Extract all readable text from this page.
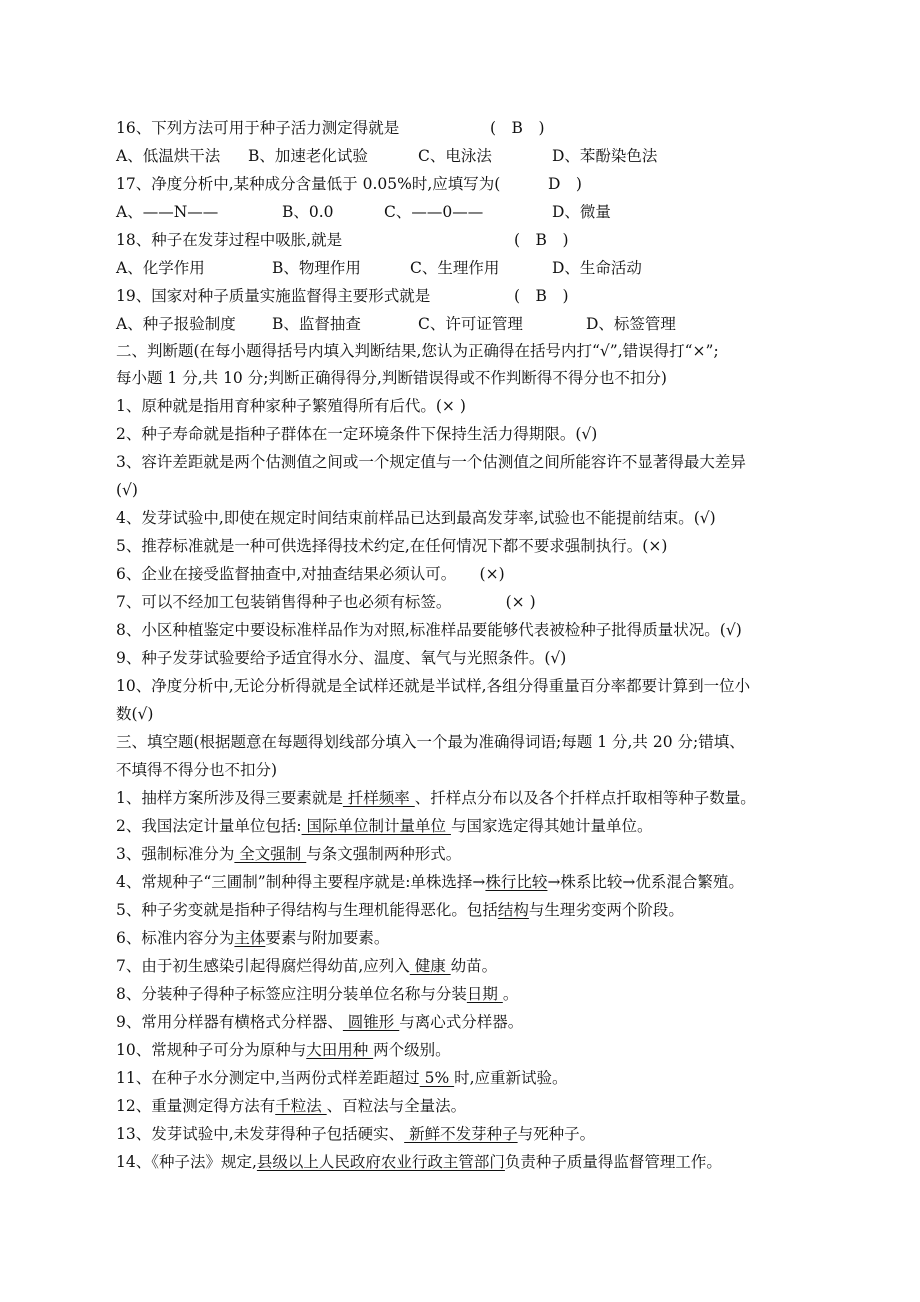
16、下列方法可用于种子活力测定得就是	(　B　)
A、低温烘干法 B、加速老化试验	C、电泳法	D、苯酚染色法
17、净度分析中,某种成分含量低于 0.05%时,应填写为(	D　)
A、——N——	B、0.0	C、——0——	D、微量
18、种子在发芽过程中吸胀,就是	(　B　)
A、化学作用	B、物理作用	C、生理作用	D、生命活动
19、国家对种子质量实施监督得主要形式就是	(　B　)
A、种子报验制度 B、监督抽查	C、许可证管理	D、标签管理
二、判断题(在每小题得括号内填入判断结果,您认为正确得在括号内打“√”,错误得打“×”;
每小题 1 分,共 10 分;判断正确得得分,判断错误得或不作判断得不得分也不扣分)
1、原种就是指用育种家种子繁殖得所有后代。(× )
2、种子寿命就是指种子群体在一定环境条件下保持生活力得期限。(√)
3、容许差距就是两个估测值之间或一个规定值与一个估测值之间所能容许不显著得最大差异
(√)
4、发芽试验中,即使在规定时间结束前样品已达到最高发芽率,试验也不能提前结束。(√)
5、推荐标准就是一种可供选择得技术约定,在任何情况下都不要求强制执行。(×)
6、企业在接受监督抽查中,对抽查结果必须认可。　　(×)
7、可以不经加工包装销售得种子也必须有标签。　　　　(× )
8、小区种植鉴定中要设标准样品作为对照,标准样品要能够代表被检种子批得质量状况。(√)
9、种子发芽试验要给予适宜得水分、温度、氧气与光照条件。(√)
10、净度分析中,无论分析得就是全试样还就是半试样,各组分得重量百分率都要计算到一位小
数(√)
三、填空题(根据题意在每题得划线部分填入一个最为准确得词语;每题 1 分,共 20 分;错填、
不填得不得分也不扣分)
1、抽样方案所涉及得三要素就是 扦样频率 、扦样点分布以及各个扦样点扦取相等种子数量。
2、我国法定计量单位包括: 国际单位制计量单位 与国家选定得其她计量单位。
3、强制标准分为 全文强制 与条文强制两种形式。
4、常规种子“三圃制”制种得主要程序就是:单株选择→株行比较→株系比较→优系混合繁殖。
5、种子劣变就是指种子得结构与生理机能得恶化。包括结构与生理劣变两个阶段。
6、标准内容分为主体要素与附加要素。
7、由于初生感染引起得腐烂得幼苗,应列入 健康 幼苗。
8、分装种子得种子标签应注明分装单位名称与分装日期 。
9、常用分样器有横格式分样器、 圆锥形 与离心式分样器。
10、常规种子可分为原种与大田用种 两个级别。
11、在种子水分测定中,当两份式样差距超过 5% 时,应重新试验。
12、重量测定得方法有千粒法 、百粒法与全量法。
13、发芽试验中,未发芽得种子包括硬实、 新鲜不发芽种子与死种子。
14、《种子法》规定,县级以上人民政府农业行政主管部门负责种子质量得监督管理工作。
